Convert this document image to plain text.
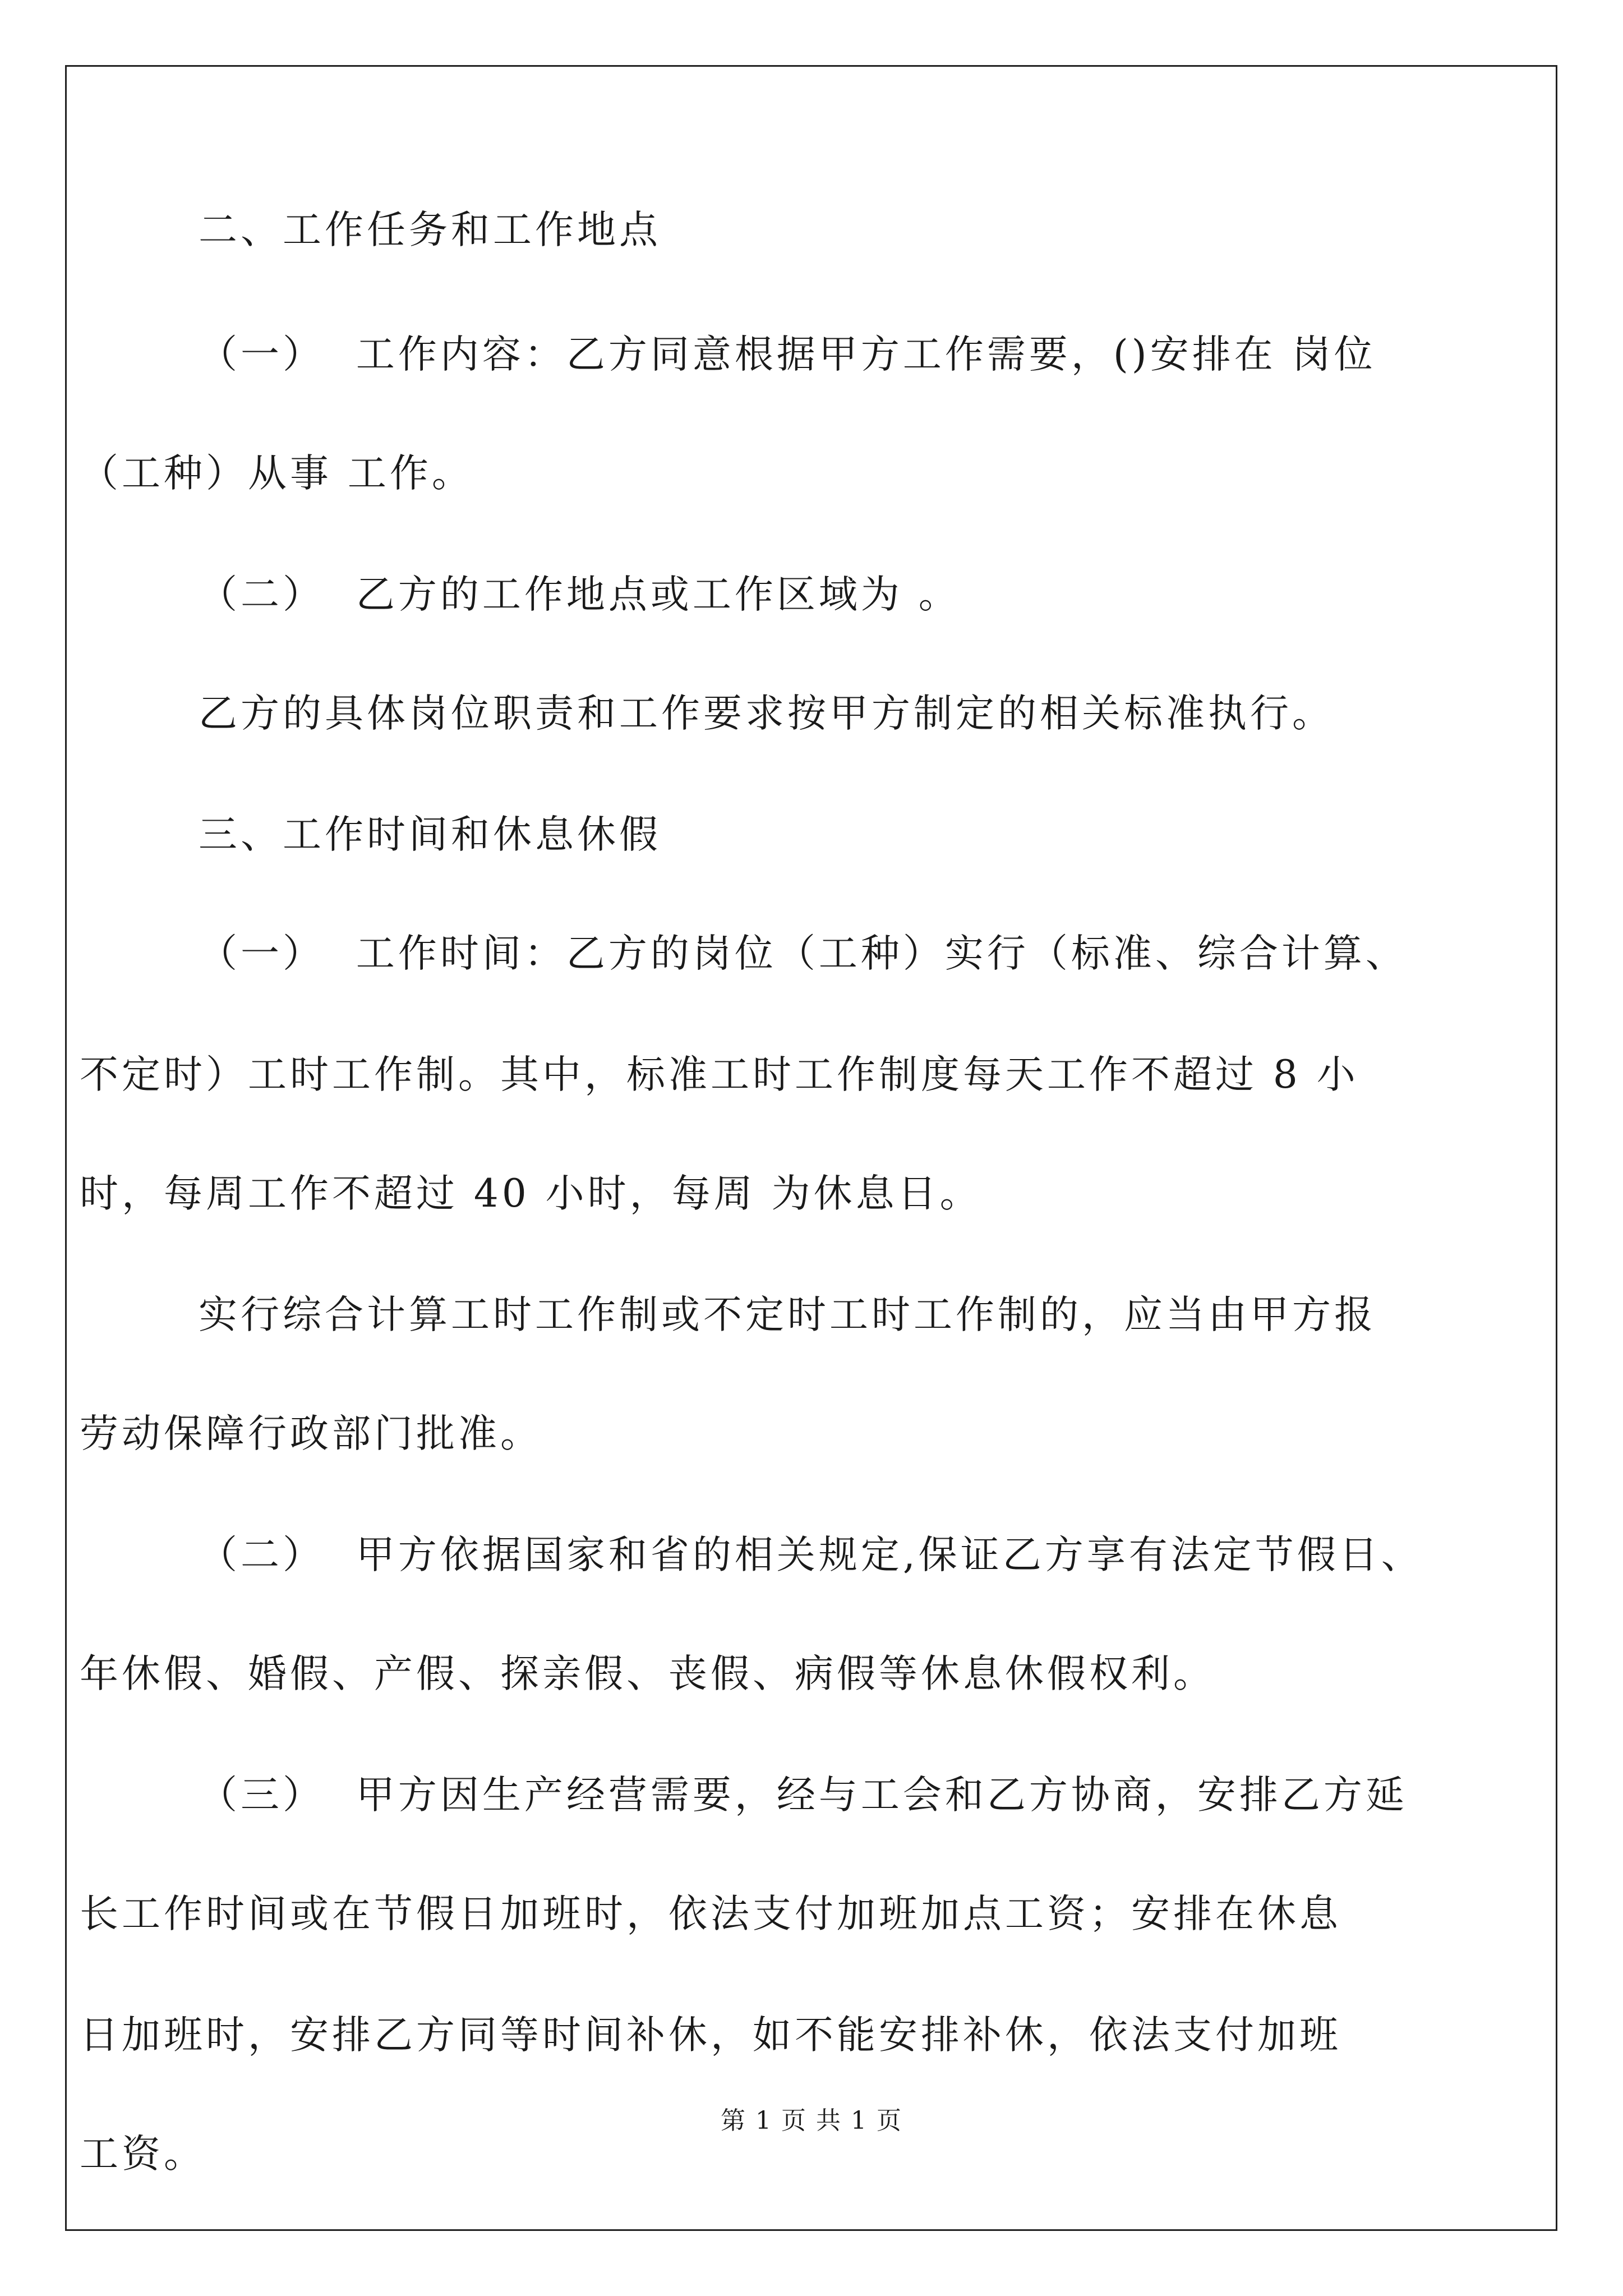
二、工作任务和工作地点
（一）  工作内容：乙方同意根据甲方工作需要，()安排在 岗位
（工种）从事 工作。
（二）  乙方的工作地点或工作区域为 。
乙方的具体岗位职责和工作要求按甲方制定的相关标准执行。
三、工作时间和休息休假
（一）  工作时间：乙方的岗位（工种）实行（标准、综合计算、
不定时）工时工作制。其中，标准工时工作制度每天工作不超过 8 小
时，每周工作不超过 40 小时，每周 为休息日。
实行综合计算工时工作制或不定时工时工作制的，应当由甲方报
劳动保障行政部门批准。
（二）  甲方依据国家和省的相关规定,保证乙方享有法定节假日、
年休假、婚假、产假、探亲假、丧假、病假等休息休假权利。
（三）  甲方因生产经营需要，经与工会和乙方协商，安排乙方延
长工作时间或在节假日加班时，依法支付加班加点工资；安排在休息
日加班时，安排乙方同等时间补休，如不能安排补休，依法支付加班
工资。
第 1 页 共 1 页
